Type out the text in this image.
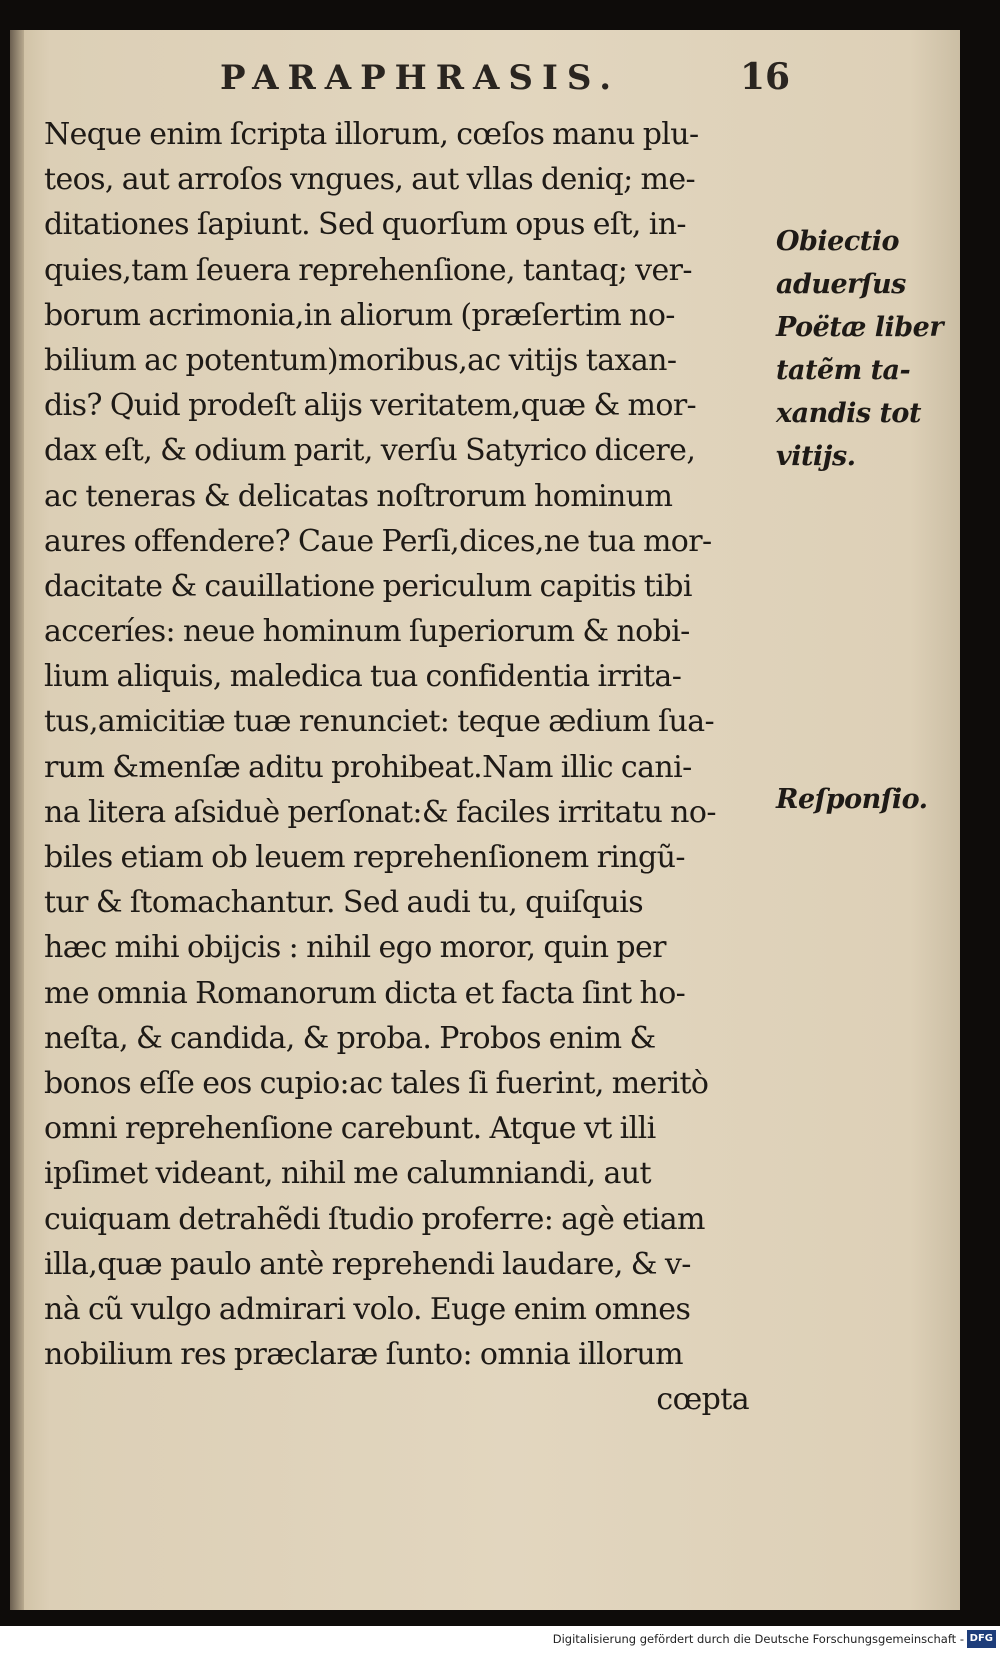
PARAPHRASIS.	16
Neque enim ſcripta illorum, cœſos manu plu-
teos, aut arroſos vngues, aut vllas deniq; me-
ditationes ſapiunt. Sed quorſum opus eſt, in-
quies,tam ſeuera reprehenſione, tantaq; ver-
borum acrimonia,in aliorum (præſertim no-
bilium ac potentum)moribus,ac vitijs taxan-
dis? Quid prodeſt alijs veritatem,quæ & mor-
dax eſt, & odium parit, verſu Satyrico dicere,
ac teneras & delicatas noſtrorum hominum
aures offendere? Caue Perſi,dices,ne tua mor-
dacitate & cauillatione periculum capitis tibi
acceríes: neue hominum ſuperiorum & nobi-
lium aliquis, maledica tua confidentia irrita-
tus,amicitiæ tuæ renunciet: teque ædium ſua-
rum &menſæ aditu prohibeat.Nam illic cani-
na litera aſsiduè perſonat:& faciles irritatu no-
biles etiam ob leuem reprehenſionem ringũ-
tur & ſtomachantur. Sed audi tu, quiſquis
hæc mihi obijcis : nihil ego moror, quin per
me omnia Romanorum dicta et facta ſint ho-
neſta, & candida, & proba. Probos enim &
bonos eſſe eos cupio:ac tales ſi fuerint, meritò
omni reprehenſione carebunt. Atque vt illi
ipſimet videant, nihil me calumniandi, aut
cuiquam detrahẽdi ſtudio proferre: agè etiam
illa,quæ paulo antè reprehendi laudare, & v-
nà cũ vulgo admirari volo. Euge enim omnes
nobilium res præclaræ ſunto: omnia illorum
cœpta
Obiectio
aduerſus
Poëtæ liber
tatẽm ta-
xandis tot
vitijs.
Reſponſio.
Digitalisierung gefördert durch die Deutsche Forschungsgemeinschaft - DFG
